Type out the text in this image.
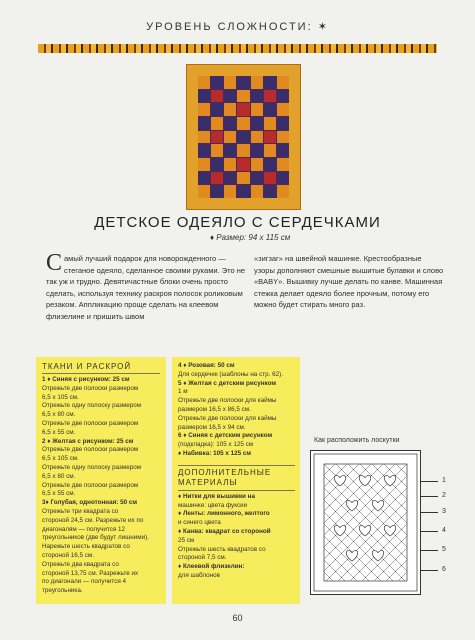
УРОВЕНЬ СЛОЖНОСТИ: ✶
ДЕТСКОЕ ОДЕЯЛО С СЕРДЕЧКАМИ
♦ Размер: 94 x 115 см
Самый лучший подарок для новорожденного — стеганое одеяло, сделанное своими руками. Это не так уж и трудно. Девятичастные блоки очень просто сделать, используя технику раскроя полосок роликовым резаком. Аппликацию проще сделать на клеевом флизелине и пришить швом
«зигзаг» на швейной машинке. Крестообразные узоры дополняют смешные вышитые булавки и слово «BABY». Вышивку лучше делать по канве. Машинная стежка делает одеяло более прочным, потому его можно будет стирать много раз.
ТКАНИ И РАСКРОЙ
1 ♦ Синяя с рисунком: 25 см
Отрежьте две полоски размером
6,5 x 105 см.
Отрежьте одну полоску размером
6,5 x 80 см.
Отрежьте две полоски размером
6,5 x 55 см.
2 ♦ Желтая с рисунком: 25 см
Отрежьте две полоски размером
6,5 x 105 см.
Отрежьте одну полоску размером
6,5 x 80 см.
Отрежьте две полоски размером
6,5 x 55 см.
3♦ Голубая, однотонная: 50 см
Отрежьте три квадрата со
стороной 24,5 см. Разрежьте их по
диагоналям — получится 12
треугольников (две будут лишними).
Нарежьте шесть квадратов со
стороной 16,5 см.
Отрежьте два квадрата со
стороной 13,75 см. Разрежьте их
по диагонали — получится 4
треугольника.
4 ♦ Розовая: 50 см
Для сердечек (шаблоны на стр. 62).
5 ♦ Желтая с детским рисунком
1 м
Отрежьте две полоски для каймы
размером 16,5 x 86,5 см.
Отрежьте две полоски для каймы
размером 16,5 x 94 см.
6 ♦ Синяя с детским рисунком
(подкладка): 105 x 125 см
♦ Набивка: 105 x 125 см
ДОПОЛНИТЕЛЬНЫЕ МАТЕРИАЛЫ
♦ Нитки для вышивки на
машинке: цвета фуксии
♦ Ленты: лимонного, желтого
и синего цвета
♦ Канва: квадрат со стороной
25 см
Отрежьте шесть квадратов со
стороной 7,5 см.
♦ Клеевой флизелин:
для шаблонов
Как расположить лоскутки
1
2
3
4
5
6
60
